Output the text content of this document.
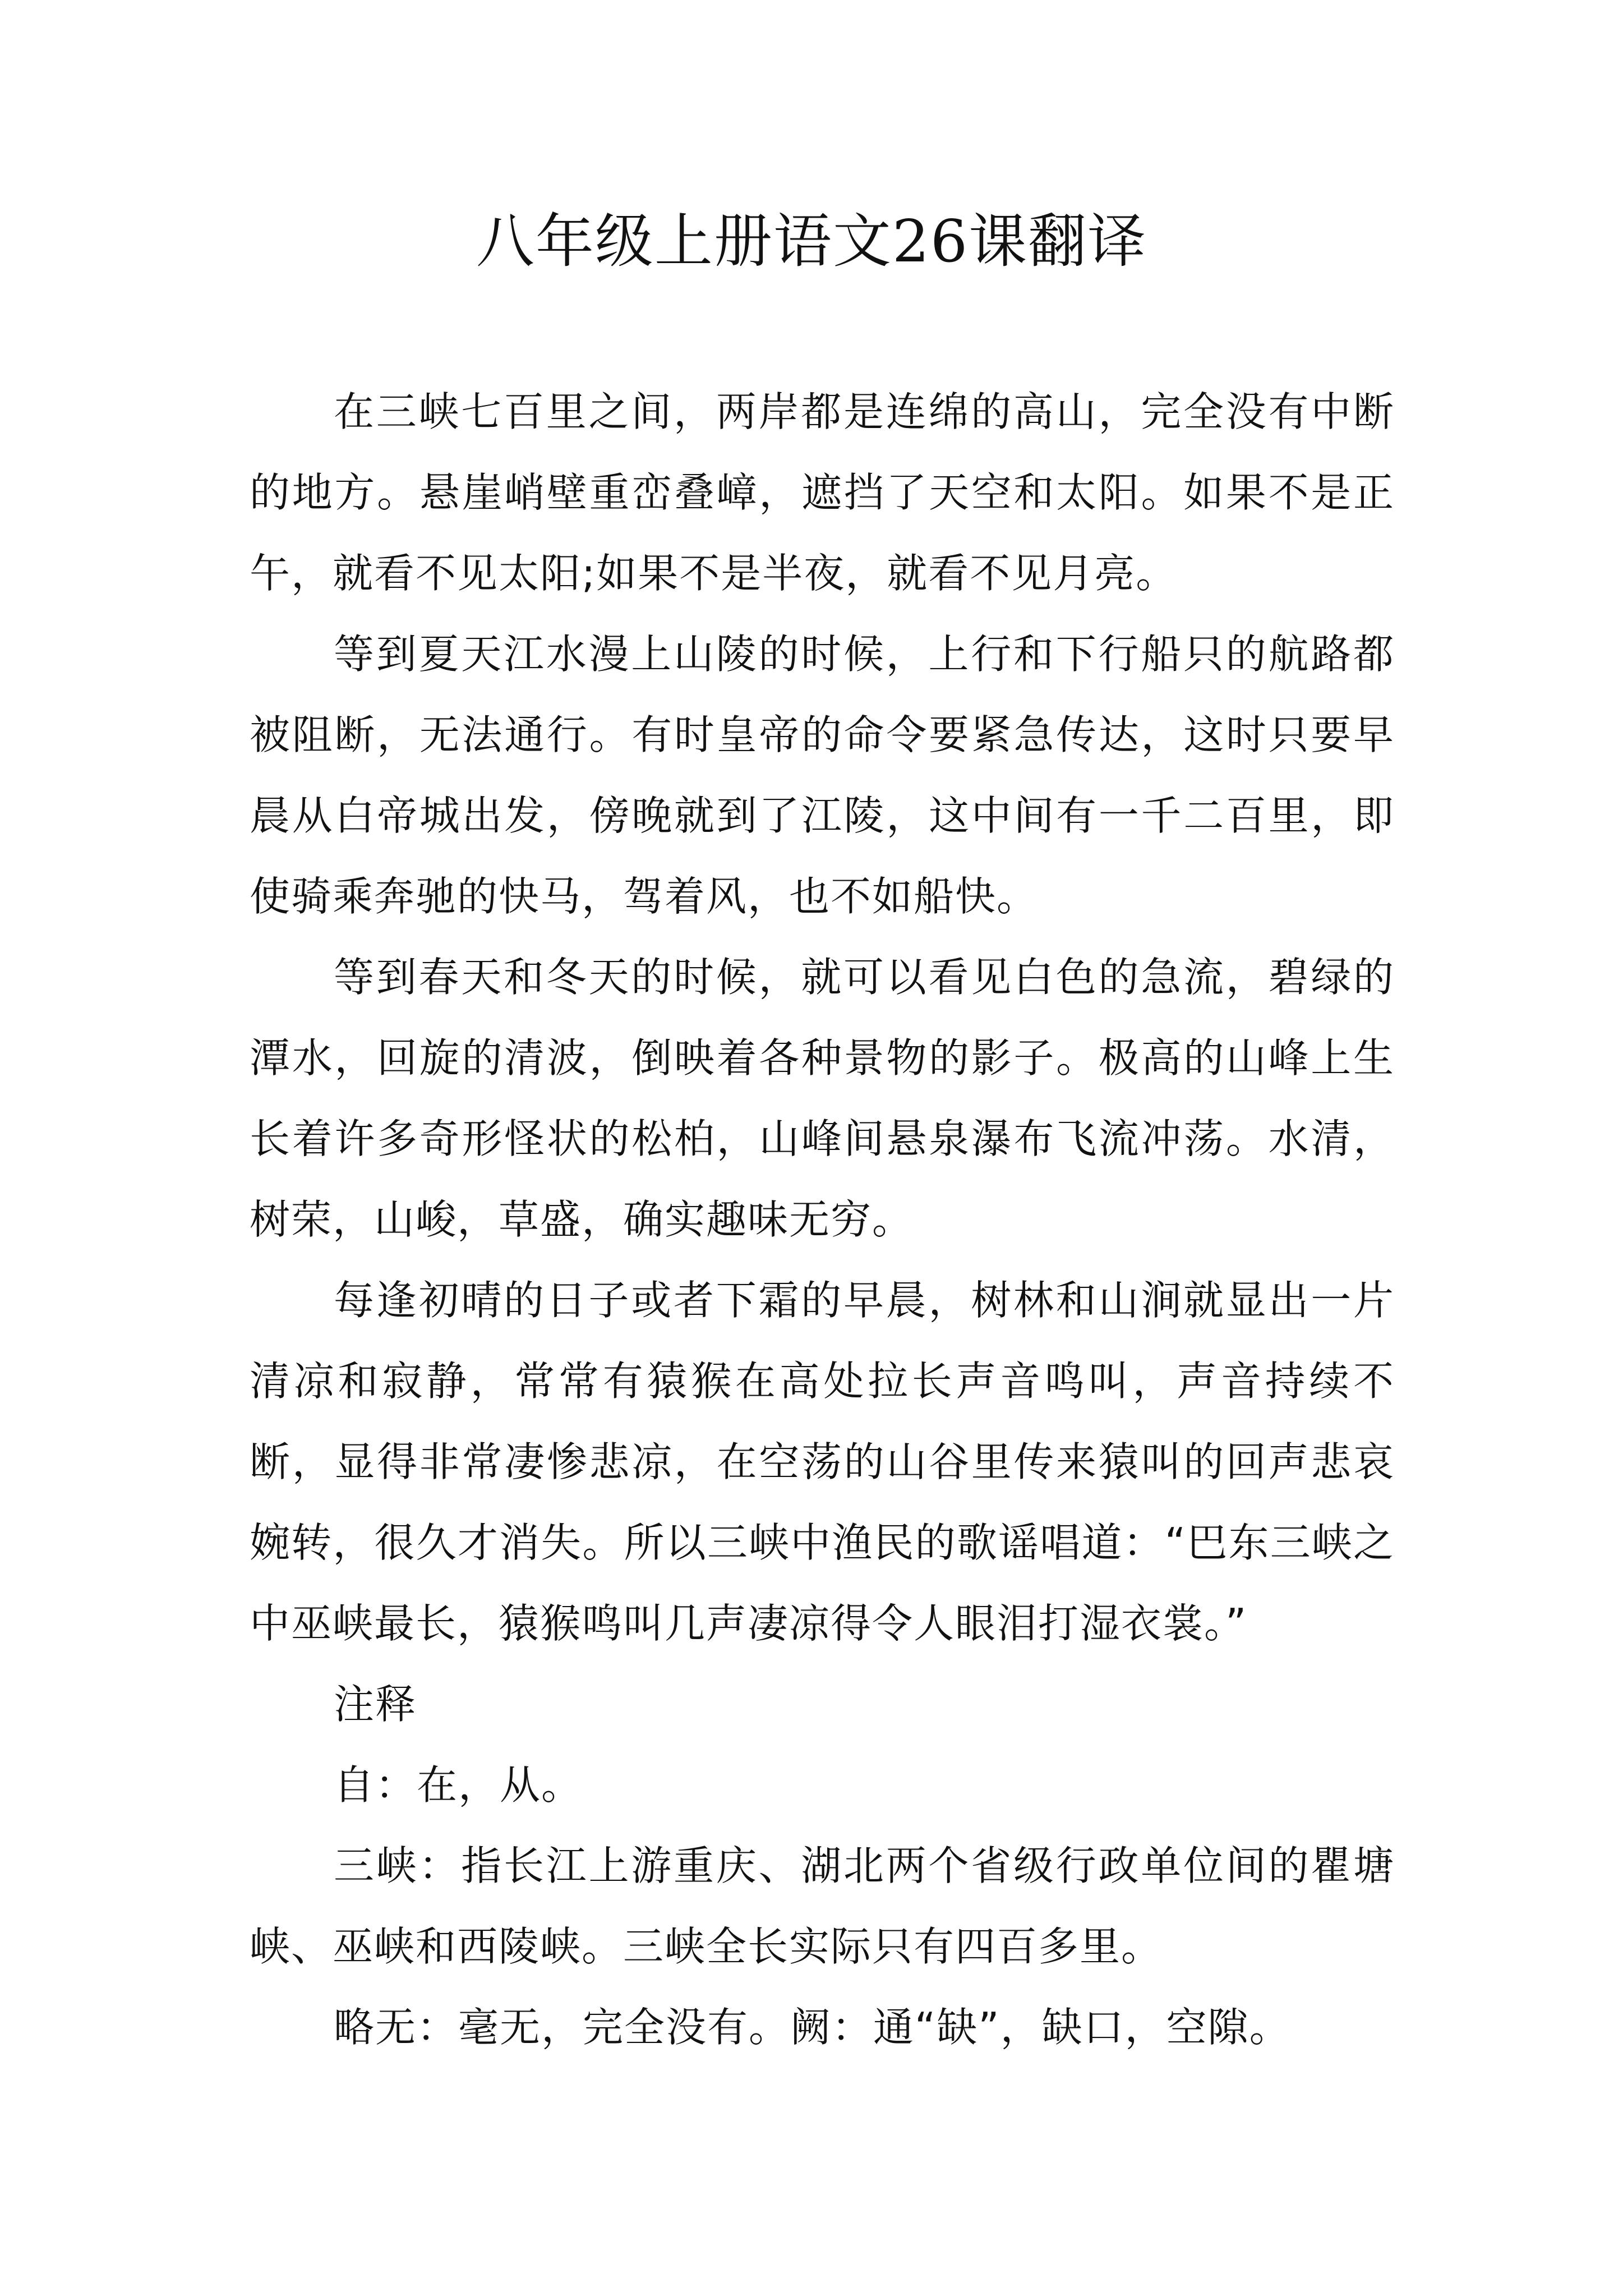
八年级上册语文26课翻译

在三峡七百里之间，两岸都是连绵的高山，完全没有中断的地方。悬崖峭壁重峦叠嶂，遮挡了天空和太阳。如果不是正午，就看不见太阳;如果不是半夜，就看不见月亮。

等到夏天江水漫上山陵的时候，上行和下行船只的航路都被阻断，无法通行。有时皇帝的命令要紧急传达，这时只要早晨从白帝城出发，傍晚就到了江陵，这中间有一千二百里，即使骑乘奔驰的快马，驾着风，也不如船快。

等到春天和冬天的时候，就可以看见白色的急流，碧绿的潭水，回旋的清波，倒映着各种景物的影子。极高的山峰上生长着许多奇形怪状的松柏，山峰间悬泉瀑布飞流冲荡。水清，树荣，山峻，草盛，确实趣味无穷。

每逢初晴的日子或者下霜的早晨，树林和山涧就显出一片清凉和寂静，常常有猿猴在高处拉长声音鸣叫，声音持续不断，显得非常凄惨悲凉，在空荡的山谷里传来猿叫的回声悲哀婉转，很久才消失。所以三峡中渔民的歌谣唱道：“巴东三峡之中巫峡最长，猿猴鸣叫几声凄凉得令人眼泪打湿衣裳。”

注释

自：在，从。

三峡：指长江上游重庆、湖北两个省级行政单位间的瞿塘峡、巫峡和西陵峡。三峡全长实际只有四百多里。

略无：毫无，完全没有。阙：通“缺”，缺口，空隙。
